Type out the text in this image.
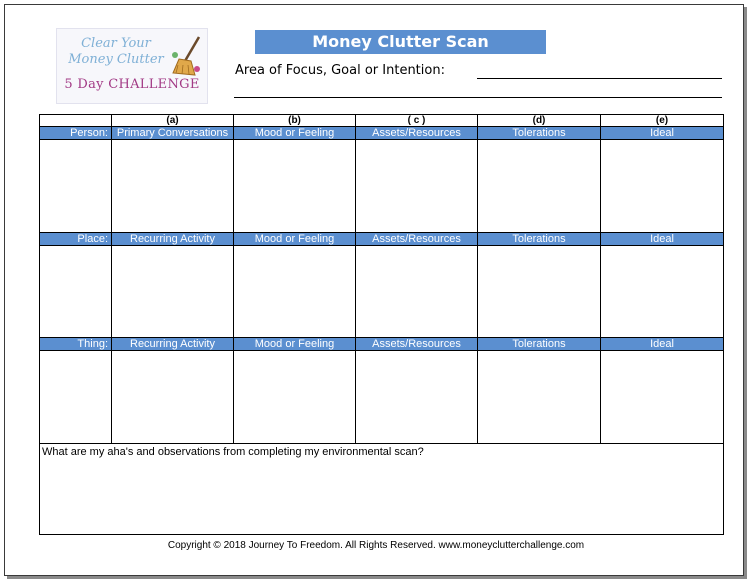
Clear Your
Money Clutter
5 Day CHALLENGE
Money Clutter Scan
Area of Focus, Goal or Intention:
	(a)	(b)	( c )	(d)	(e)
Person:	Primary Conversations	Mood or Feeling	Assets/Resources	Tolerations	Ideal

Place:	Recurring Activity	Mood or Feeling	Assets/Resources	Tolerations	Ideal

Thing:	Recurring Activity	Mood or Feeling	Assets/Resources	Tolerations	Ideal

What are my aha's and observations from completing my environmental scan?					
Copyright © 2018 Journey To Freedom. All Rights Reserved. www.moneyclutterchallenge.com
